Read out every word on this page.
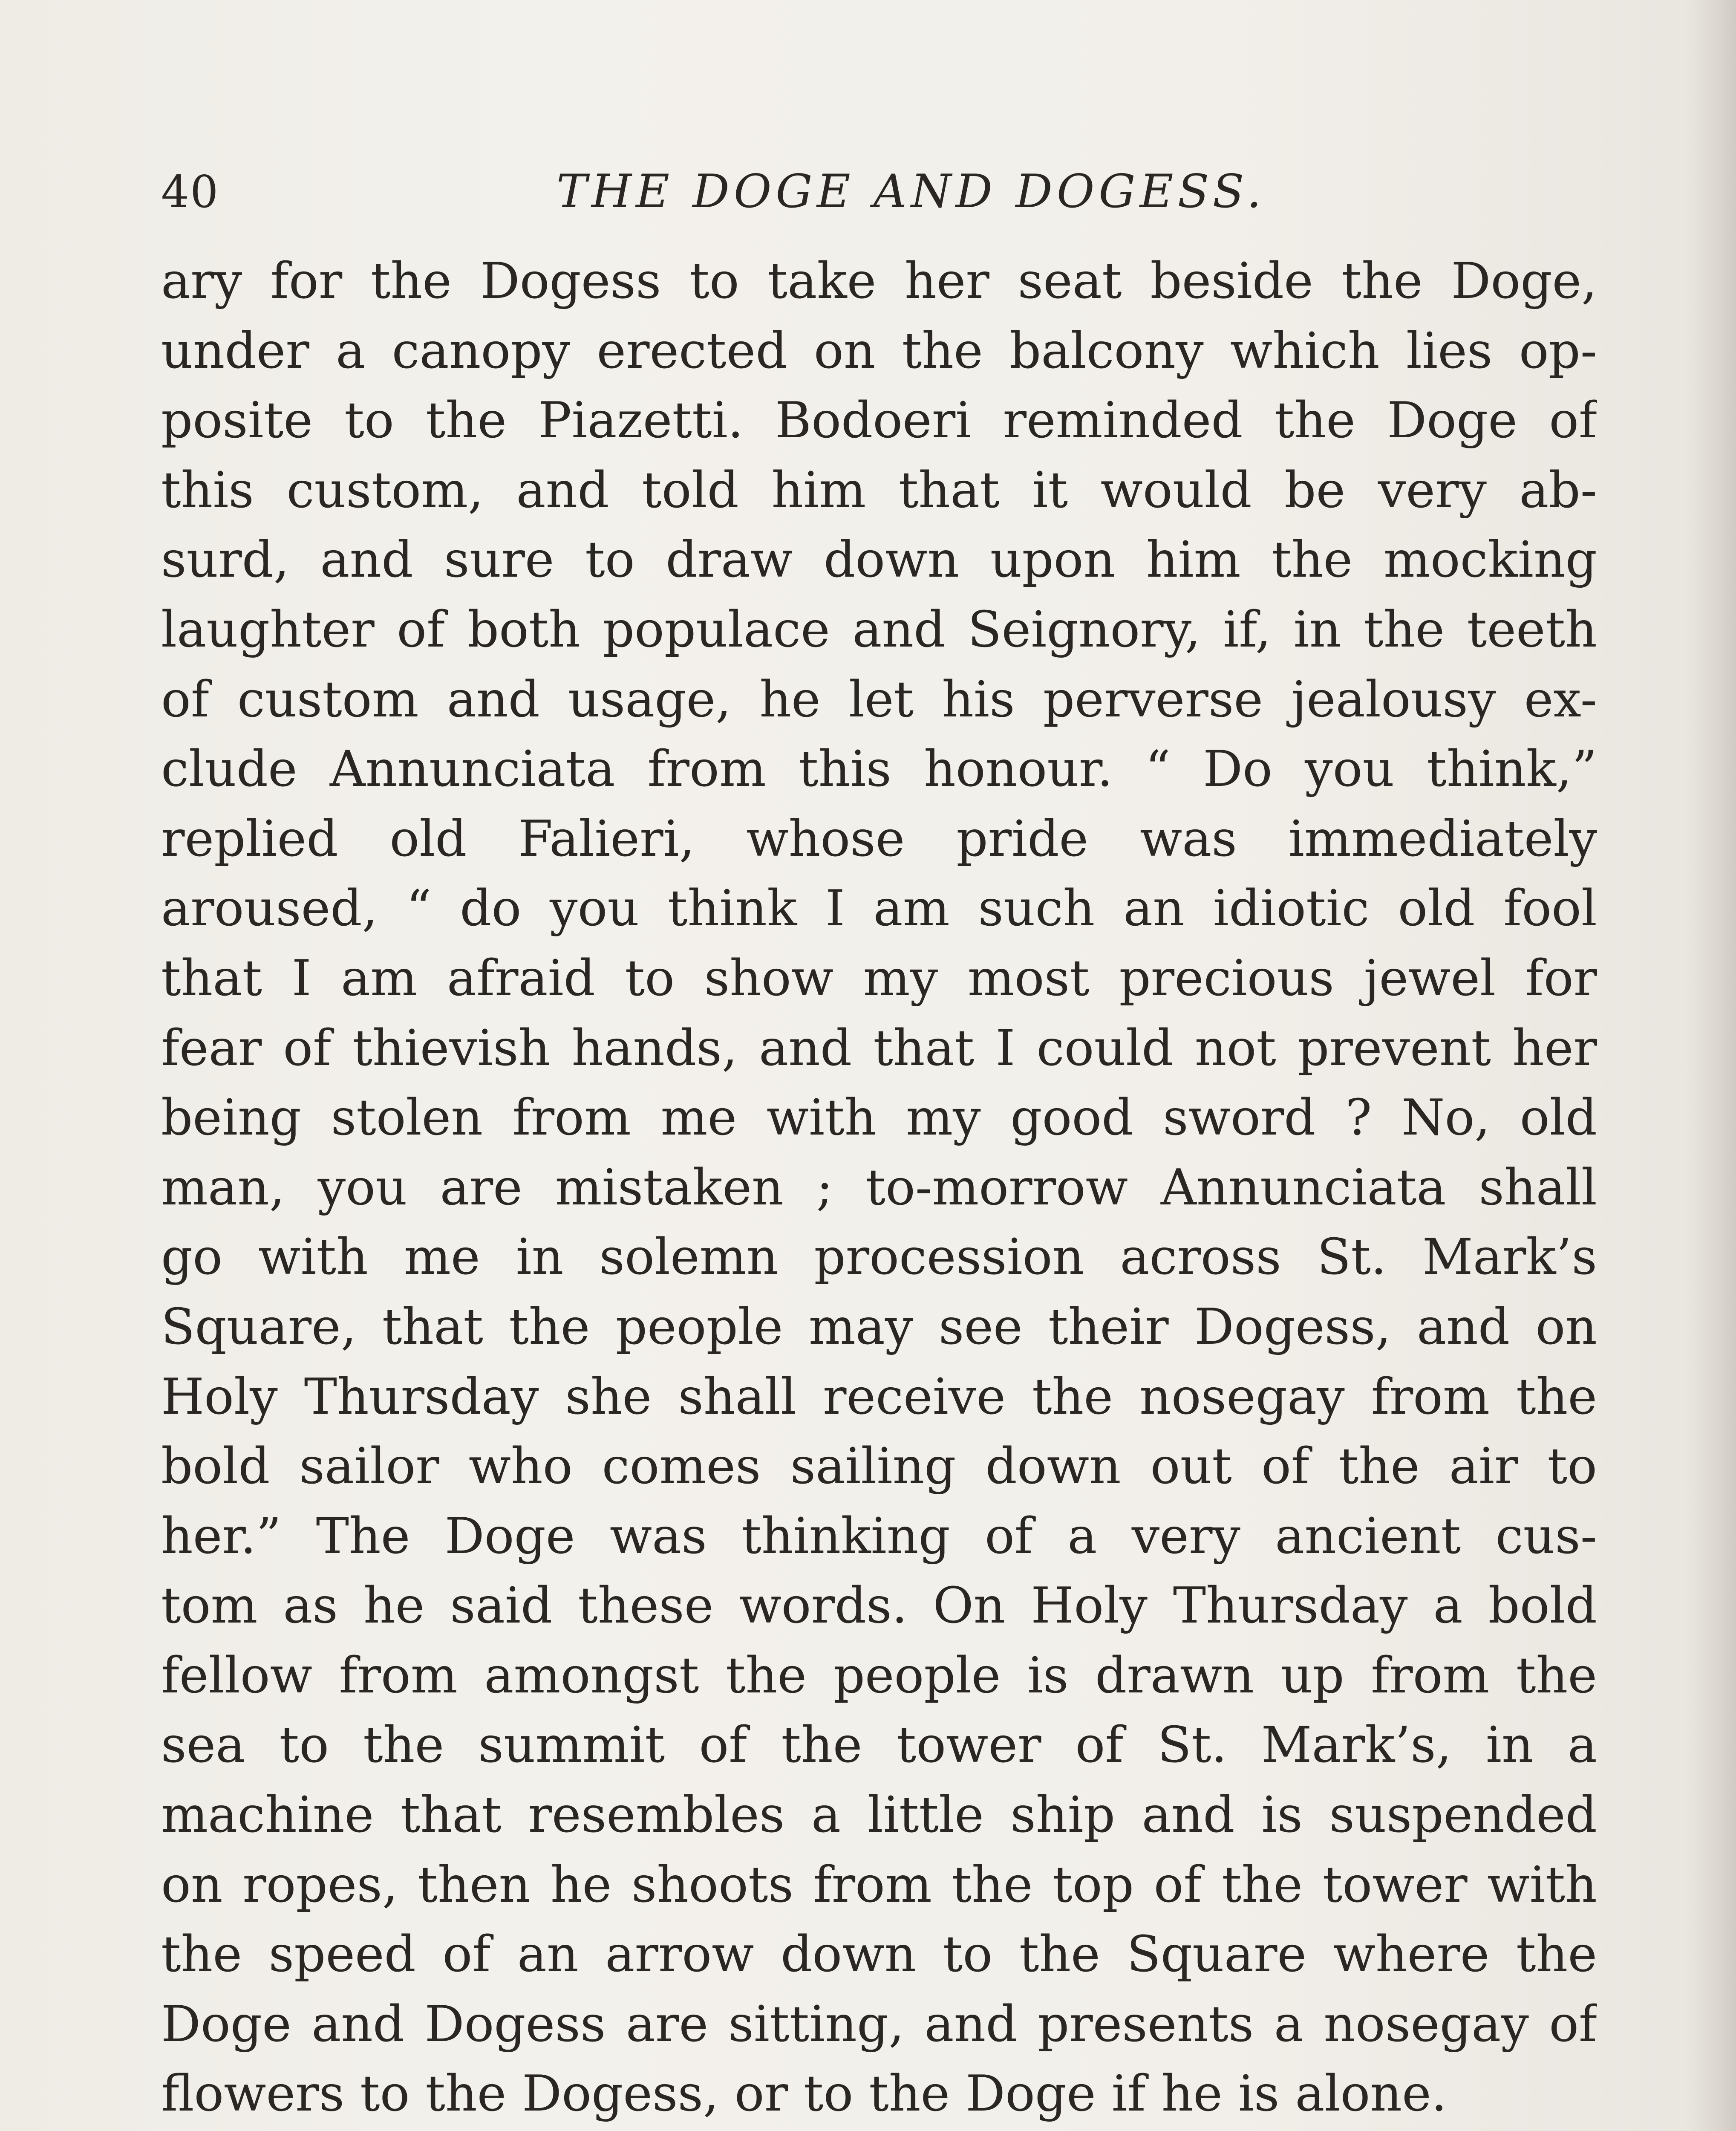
40	THE DOGE AND DOGESS.
ary for the Dogess to take her seat beside the Doge,
under a canopy erected on the balcony which lies op-
posite to the Piazetti. Bodoeri reminded the Doge of
this custom, and told him that it would be very ab-
surd, and sure to draw down upon him the mocking
laughter of both populace and Seignory, if, in the teeth
of custom and usage, he let his perverse jealousy ex-
clude Annunciata from this honour. “ Do you think,”
replied old Falieri, whose pride was immediately
aroused, “ do you think I am such an idiotic old fool
that I am afraid to show my most precious jewel for
fear of thievish hands, and that I could not prevent her
being stolen from me with my good sword ? No, old
man, you are mistaken ; to-morrow Annunciata shall
go with me in solemn procession across St. Mark’s
Square, that the people may see their Dogess, and on
Holy Thursday she shall receive the nosegay from the
bold sailor who comes sailing down out of the air to
her.” The Doge was thinking of a very ancient cus-
tom as he said these words. On Holy Thursday a bold
fellow from amongst the people is drawn up from the
sea to the summit of the tower of St. Mark’s, in a
machine that resembles a little ship and is suspended
on ropes, then he shoots from the top of the tower with
the speed of an arrow down to the Square where the
Doge and Dogess are sitting, and presents a nosegay of
flowers to the Dogess, or to the Doge if he is alone.
